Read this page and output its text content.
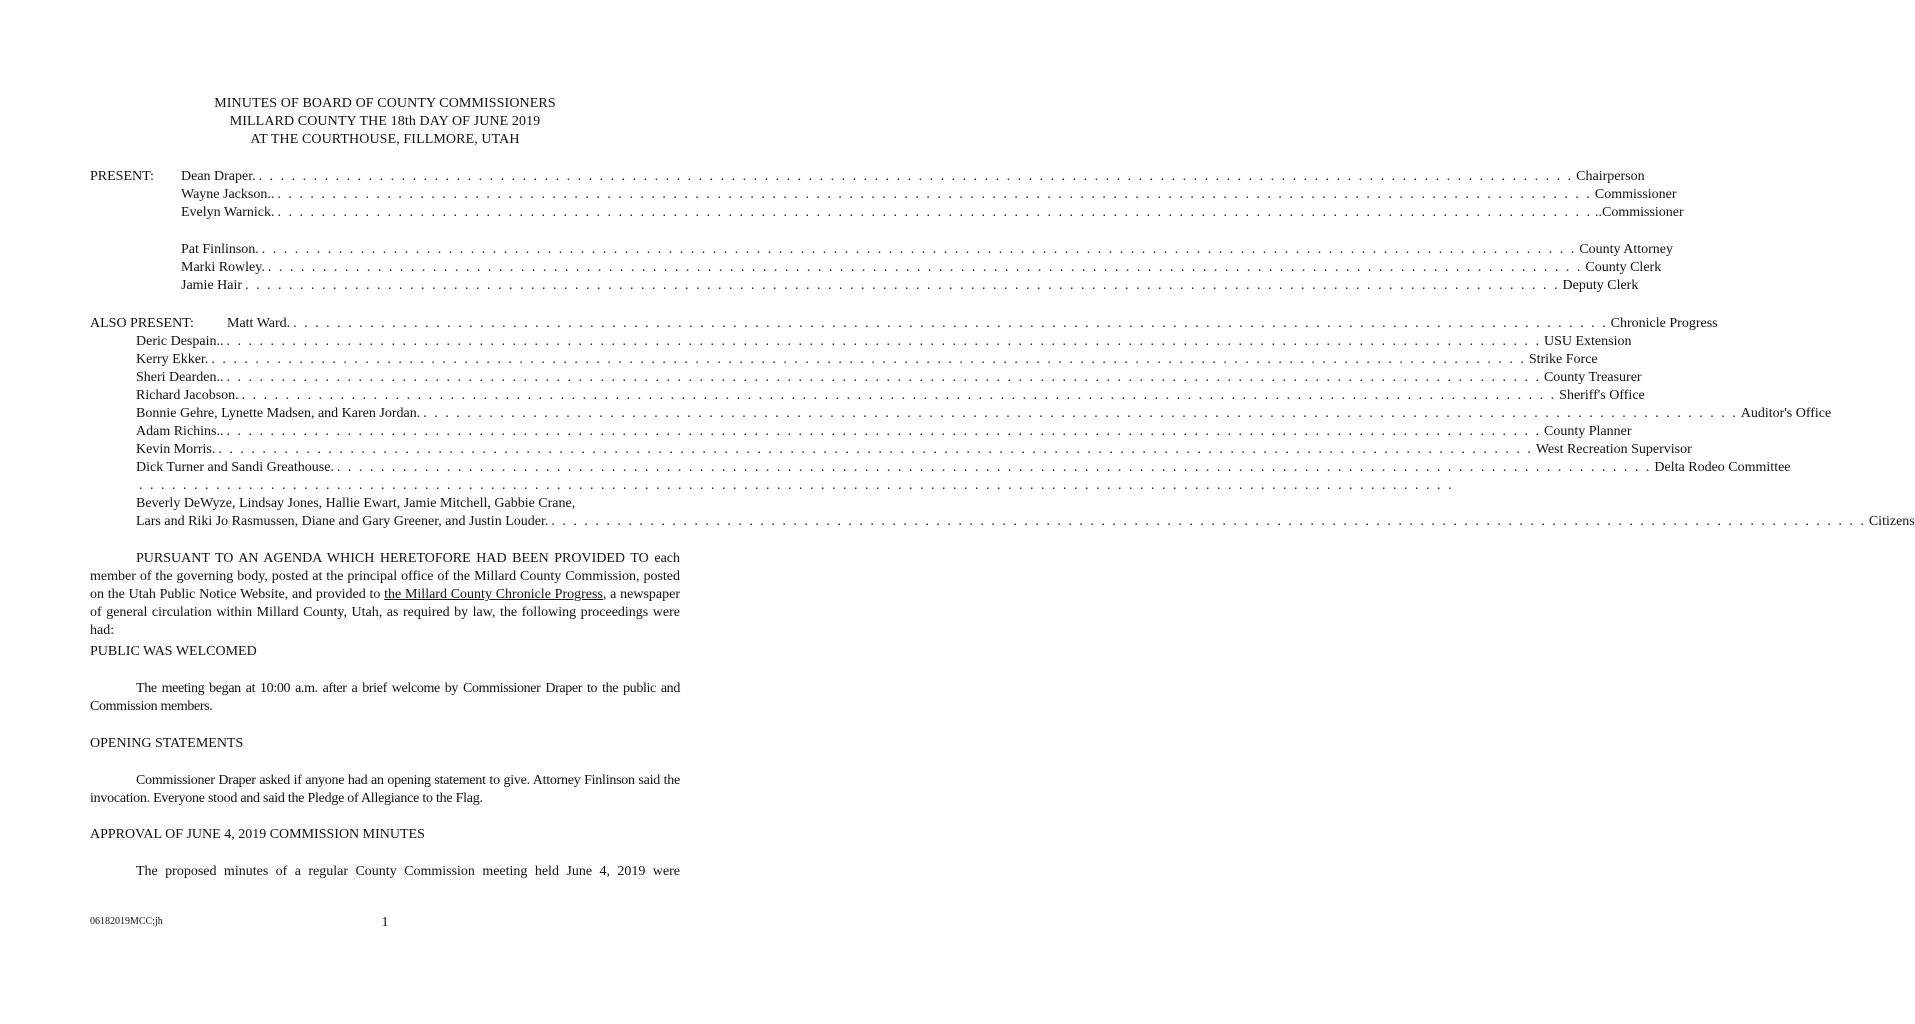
MINUTES OF BOARD OF COUNTY COMMISSIONERS
MILLARD COUNTY THE 18th DAY OF JUNE 2019
AT THE COURTHOUSE, FILLMORE, UTAH
PRESENT: Dean Draper. . . . . . . . . . . . . . . . . . . . . . . . . . . . . . . . . . . . . . . . . . . . . . . . . . . . . . . . . . . . . . . . . . . . . . . . . . . . . . . . . . . . . . . . . . . . . . . . . . . . . . . . . . . . . . . . . . . . . . . . . Chairperson
Wayne Jackson.. . . . . . . . . . . . . . . . . . . . . . . . . . . . . . . . . . . . . . . . . . . . . . . . . . . . . . . . . . . . . . . . . . . . . . . . . . . . . . . . . . . . . . . . . . . . . . . . . . . . . . . . . . . . . . . . . . . . . . . . . Commissioner
Evelyn Warnick. . . . . . . . . . . . . . . . . . . . . . . . . . . . . . . . . . . . . . . . . . . . . . . . . . . . . . . . . . . . . . . . . . . . . . . . . . . . . . . . . . . . . . . . . . . . . . . . . . . . . . . . . . . . . . . . . . . . . . . . . ..Commissioner
Pat Finlinson. . . . . . . . . . . . . . . . . . . . . . . . . . . . . . . . . . . . . . . . . . . . . . . . . . . . . . . . . . . . . . . . . . . . . . . . . . . . . . . . . . . . . . . . . . . . . . . . . . . . . . . . . . . . . . . . . . . . . . . . . County Attorney
Marki Rowley. . . . . . . . . . . . . . . . . . . . . . . . . . . . . . . . . . . . . . . . . . . . . . . . . . . . . . . . . . . . . . . . . . . . . . . . . . . . . . . . . . . . . . . . . . . . . . . . . . . . . . . . . . . . . . . . . . . . . . . . . County Clerk
Jamie Hair . . . . . . . . . . . . . . . . . . . . . . . . . . . . . . . . . . . . . . . . . . . . . . . . . . . . . . . . . . . . . . . . . . . . . . . . . . . . . . . . . . . . . . . . . . . . . . . . . . . . . . . . . . . . . . . . . . . . . . . . Deputy Clerk
ALSO PRESENT: Matt Ward. . . . . . . . . . . . . . . . . . . . . . . . . . . . . . . . . . . . . . . . . . . . . . . . . . . . . . . . . . . . . . . . . . . . . . . . . . . . . . . . . . . . . . . . . . . . . . . . . . . . . . . . . . . . . . . . . . . . . . . . . Chronicle Progress
Deric Despain.. . . . . . . . . . . . . . . . . . . . . . . . . . . . . . . . . . . . . . . . . . . . . . . . . . . . . . . . . . . . . . . . . . . . . . . . . . . . . . . . . . . . . . . . . . . . . . . . . . . . . . . . . . . . . . . . . . . . . . . . . USU Extension
Kerry Ekker. . . . . . . . . . . . . . . . . . . . . . . . . . . . . . . . . . . . . . . . . . . . . . . . . . . . . . . . . . . . . . . . . . . . . . . . . . . . . . . . . . . . . . . . . . . . . . . . . . . . . . . . . . . . . . . . . . . . . . . . . Strike Force
Sheri Dearden.. . . . . . . . . . . . . . . . . . . . . . . . . . . . . . . . . . . . . . . . . . . . . . . . . . . . . . . . . . . . . . . . . . . . . . . . . . . . . . . . . . . . . . . . . . . . . . . . . . . . . . . . . . . . . . . . . . . . . . . . . County Treasurer
Richard Jacobson. . . . . . . . . . . . . . . . . . . . . . . . . . . . . . . . . . . . . . . . . . . . . . . . . . . . . . . . . . . . . . . . . . . . . . . . . . . . . . . . . . . . . . . . . . . . . . . . . . . . . . . . . . . . . . . . . . . . . . . . . Sheriff's Office
Bonnie Gehre, Lynette Madsen, and Karen Jordan. . . . . . . . . . . . . . . . . . . . . . . . . . . . . . . . . . . . . . . . . . . . . . . . . . . . . . . . . . . . . . . . . . . . . . . . . . . . . . . . . . . . . . . . . . . . . . . . . . . . . . . . . . . . . . . . . . . . . . . . . Auditor's Office
Adam Richins.. . . . . . . . . . . . . . . . . . . . . . . . . . . . . . . . . . . . . . . . . . . . . . . . . . . . . . . . . . . . . . . . . . . . . . . . . . . . . . . . . . . . . . . . . . . . . . . . . . . . . . . . . . . . . . . . . . . . . . . . . County Planner
Kevin Morris. . . . . . . . . . . . . . . . . . . . . . . . . . . . . . . . . . . . . . . . . . . . . . . . . . . . . . . . . . . . . . . . . . . . . . . . . . . . . . . . . . . . . . . . . . . . . . . . . . . . . . . . . . . . . . . . . . . . . . . . . West Recreation Supervisor
Dick Turner and Sandi Greathouse. . . . . . . . . . . . . . . . . . . . . . . . . . . . . . . . . . . . . . . . . . . . . . . . . . . . . . . . . . . . . . . . . . . . . . . . . . . . . . . . . . . . . . . . . . . . . . . . . . . . . . . . . . . . . . . . . . . . . . . . . Delta Rodeo Committee
. . . . . . . . . . . . . . . . . . . . . . . . . . . . . . . . . . . . . . . . . . . . . . . . . . . . . . . . . . . . . . . . . . . . . . . . . . . . . . . . . . . . . . . . . . . . . . . . . . . . . . . . . . . . . . . . . . . . . . . .
Beverly DeWyze, Lindsay Jones, Hallie Ewart, Jamie Mitchell, Gabbie Crane,
Lars and Riki Jo Rasmussen, Diane and Gary Greener, and Justin Louder. . . . . . . . . . . . . . . . . . . . . . . . . . . . . . . . . . . . . . . . . . . . . . . . . . . . . . . . . . . . . . . . . . . . . . . . . . . . . . . . . . . . . . . . . . . . . . . . . . . . . . . . . . . . . . . . . . . . . . . . . Citizens
PURSUANT TO AN AGENDA WHICH HERETOFORE HAD BEEN PROVIDED TO each member of the governing body, posted at the principal office of the Millard County Commission, posted on the Utah Public Notice Website, and provided to the Millard County Chronicle Progress, a newspaper of general circulation within Millard County, Utah, as required by law, the following proceedings were had:
PUBLIC WAS WELCOMED
The meeting began at 10:00 a.m. after a brief welcome by Commissioner Draper to the public and Commission members.
OPENING STATEMENTS
Commissioner Draper asked if anyone had an opening statement to give. Attorney Finlinson said the invocation. Everyone stood and said the Pledge of Allegiance to the Flag.
APPROVAL OF JUNE 4, 2019 COMMISSION MINUTES
The proposed minutes of a regular County Commission meeting held June 4, 2019 were
06182019MCC;jh	1
